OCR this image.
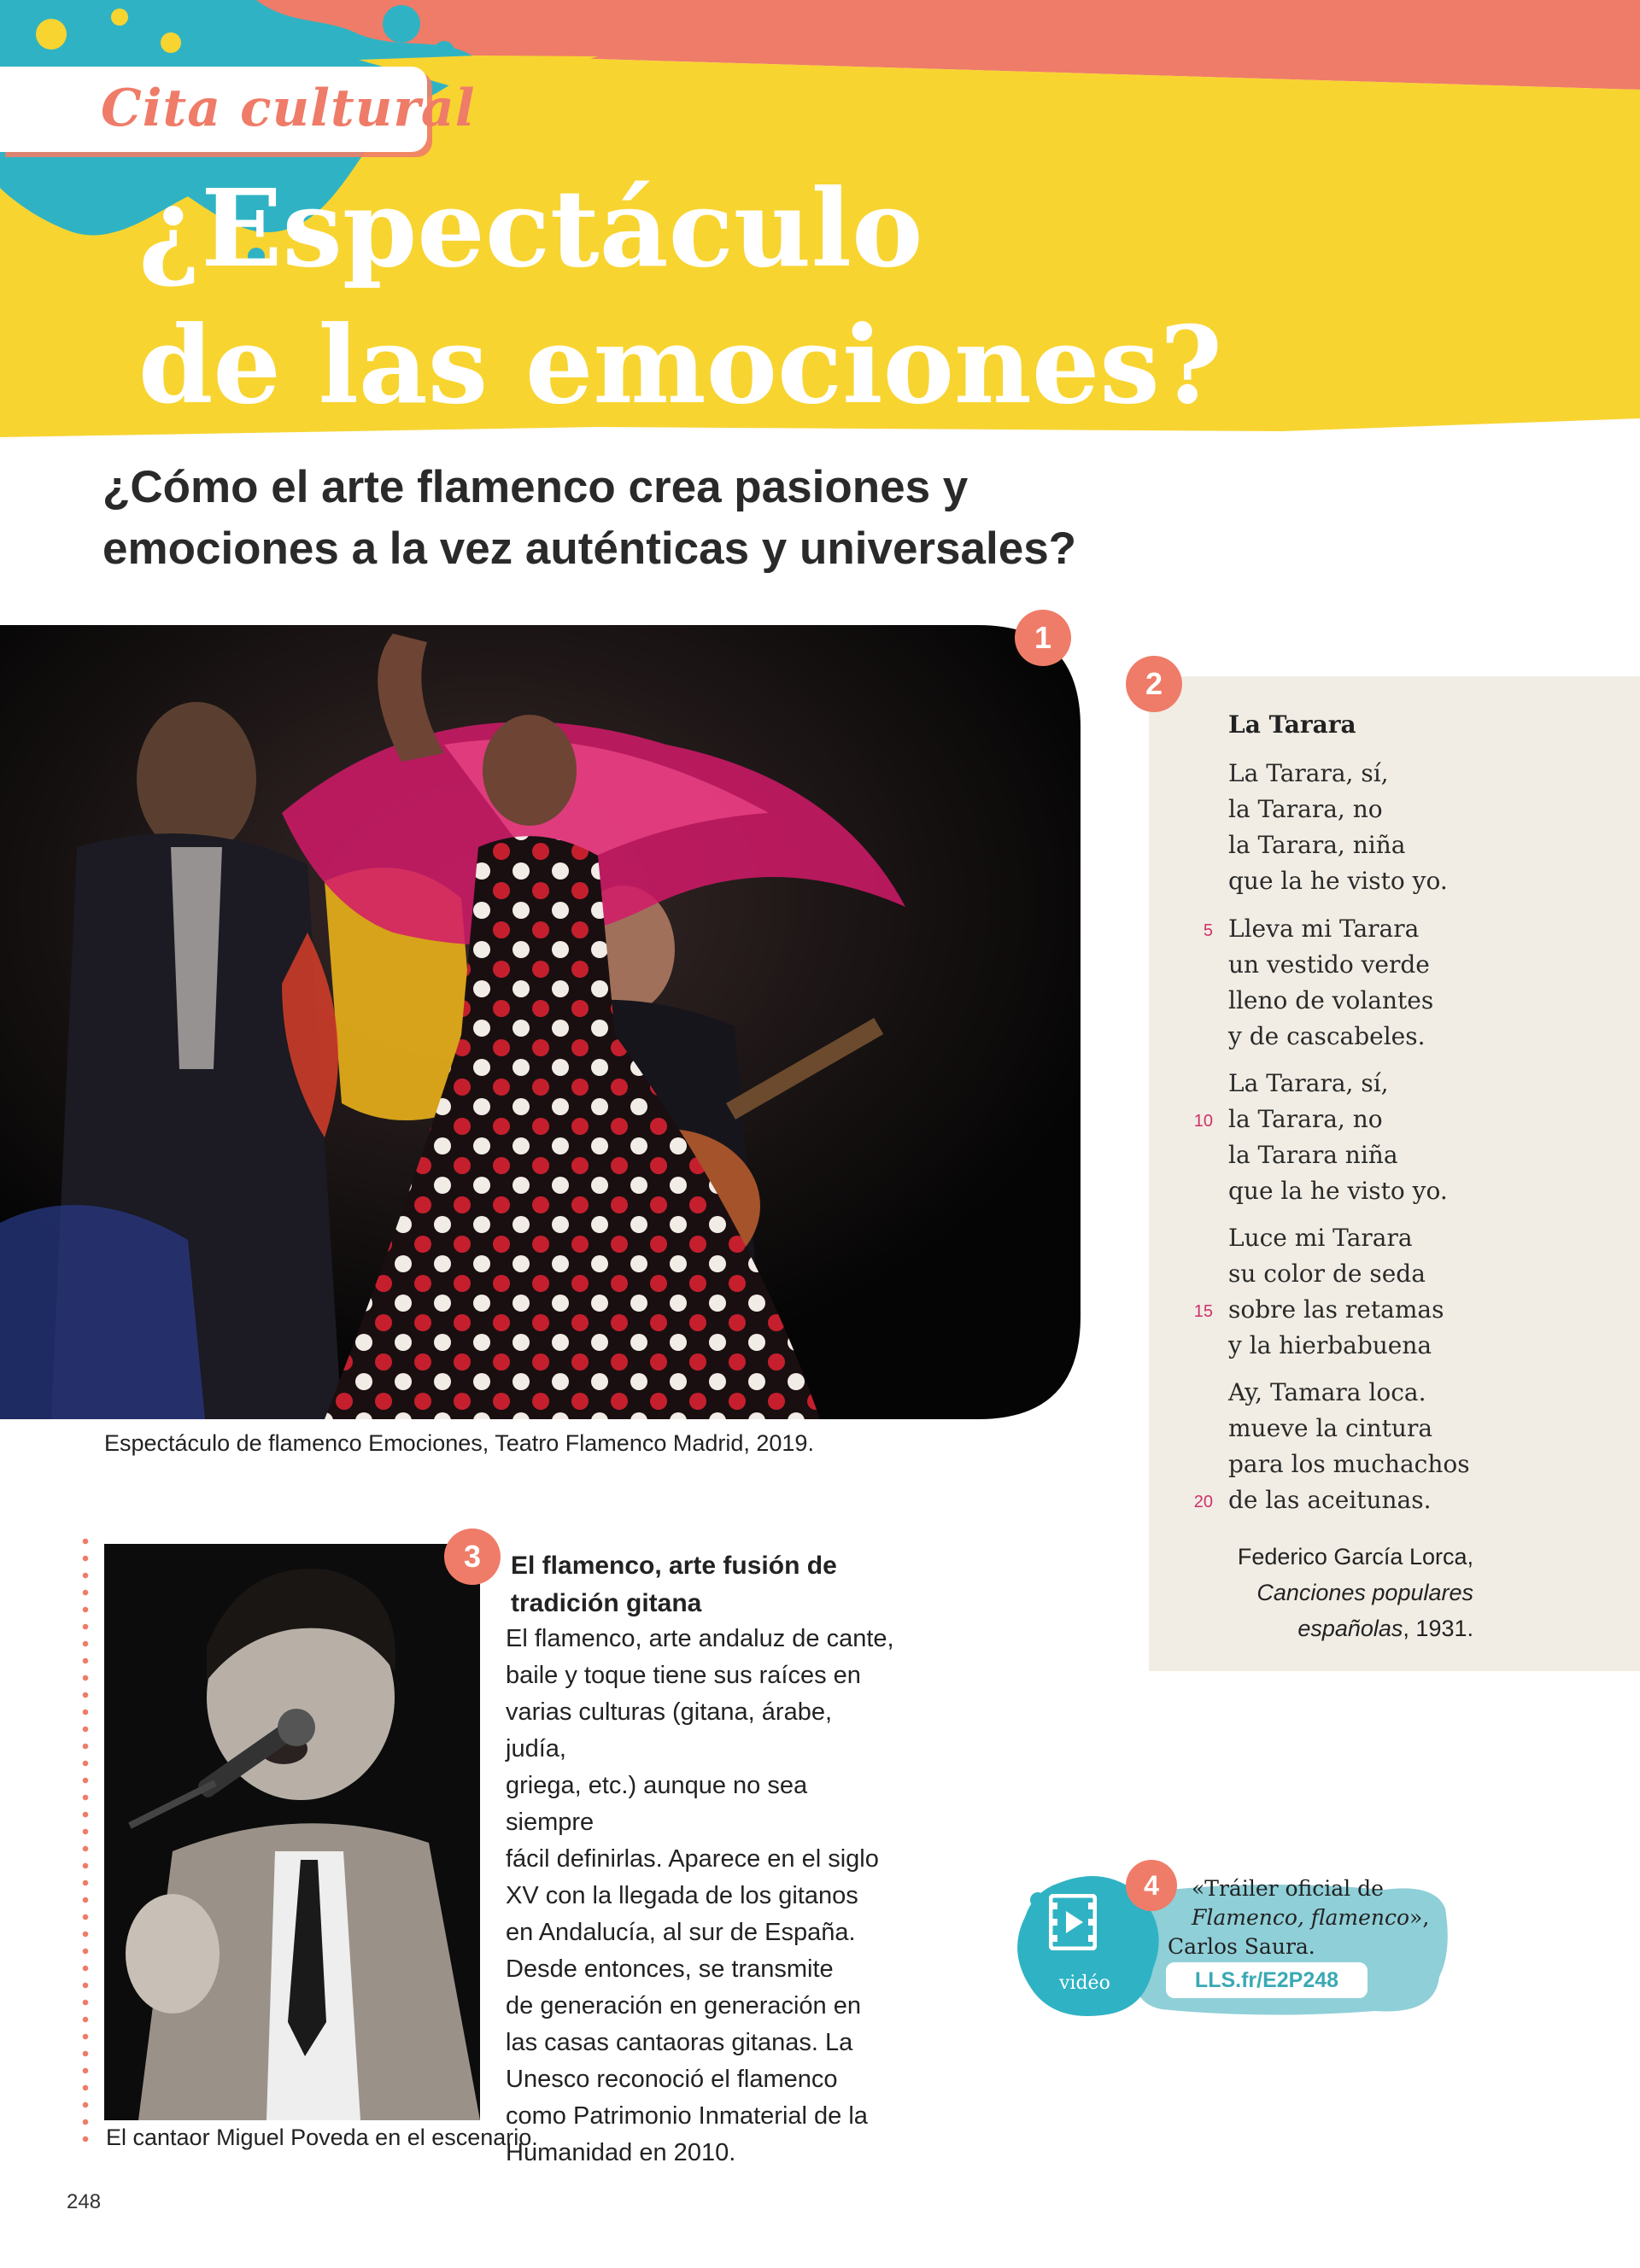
Cita cultural
¿Espectáculo
de las emociones?
¿Cómo el arte flamenco crea pasiones y
emociones a la vez auténticas y universales?
1
Espectáculo de flamenco Emociones, Teatro Flamenco Madrid, 2019.
2
La Tarara
La Tarara, sí,
la Tarara, no
la Tarara, niña
que la he visto yo.
Lleva mi Tarara
un vestido verde
lleno de volantes
y de cascabeles.
La Tarara, sí,
la Tarara, no
la Tarara niña
que la he visto yo.
Luce mi Tarara
su color de seda
sobre las retamas
y la hierbabuena
Ay, Tamara loca.
mueve la cintura
para los muchachos
de las aceitunas.
5
10
15
20
Federico García Lorca,
Canciones populares
españolas, 1931.
3	El flamenco, arte fusión de
tradición gitana
El flamenco, arte andaluz de cante,
baile y toque tiene sus raíces en
varias culturas (gitana, árabe, judía,
griega, etc.) aunque no sea siempre
fácil definirlas. Aparece en el siglo
XV con la llegada de los gitanos
en Andalucía, al sur de España.
Desde entonces, se transmite
de generación en generación en
las casas cantaoras gitanas. La
Unesco reconoció el flamenco
como Patrimonio Inmaterial de la
Humanidad en 2010.
El cantaor Miguel Poveda en el escenario.
vidéo
4	«Tráiler oficial de
Flamenco, flamenco»,
Carlos Saura.
LLS.fr/E2P248
248
